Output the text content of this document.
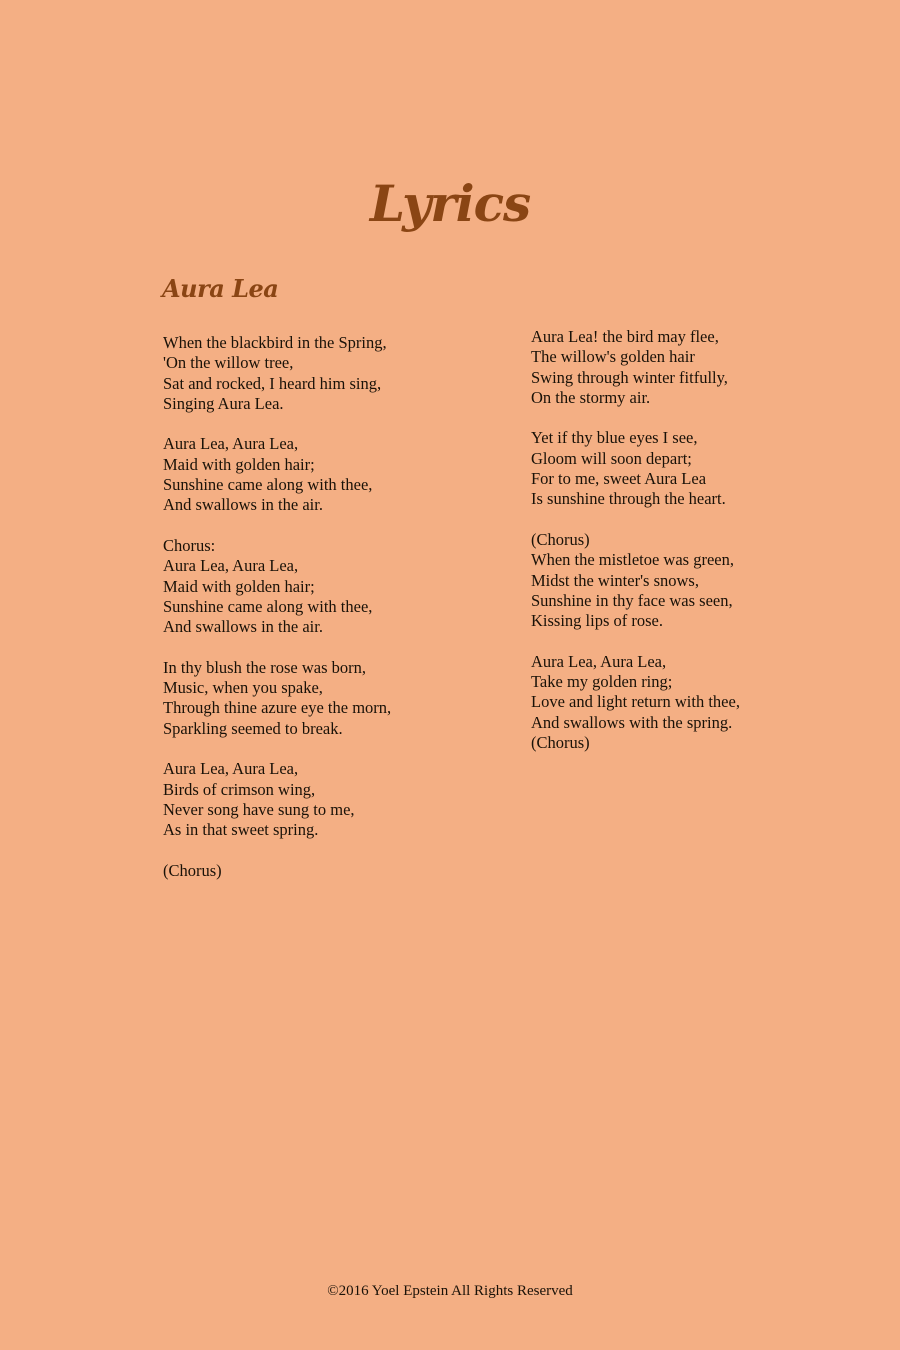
Lyrics
Aura Lea
When the blackbird in the Spring,
'On the willow tree,
Sat and rocked, I heard him sing,
Singing Aura Lea.
Aura Lea, Aura Lea,
Maid with golden hair;
Sunshine came along with thee,
And swallows in the air.
Chorus:
Aura Lea, Aura Lea,
Maid with golden hair;
Sunshine came along with thee,
And swallows in the air.
In thy blush the rose was born,
Music, when you spake,
Through thine azure eye the morn,
Sparkling seemed to break.
Aura Lea, Aura Lea,
Birds of crimson wing,
Never song have sung to me,
As in that sweet spring.
(Chorus)
Aura Lea! the bird may flee,
The willow's golden hair
Swing through winter fitfully,
On the stormy air.
Yet if thy blue eyes I see,
Gloom will soon depart;
For to me, sweet Aura Lea
Is sunshine through the heart.
(Chorus)
When the mistletoe was green,
Midst the winter's snows,
Sunshine in thy face was seen,
Kissing lips of rose.
Aura Lea, Aura Lea,
Take my golden ring;
Love and light return with thee,
And swallows with the spring.
(Chorus)
©2016 Yoel Epstein All Rights Reserved
